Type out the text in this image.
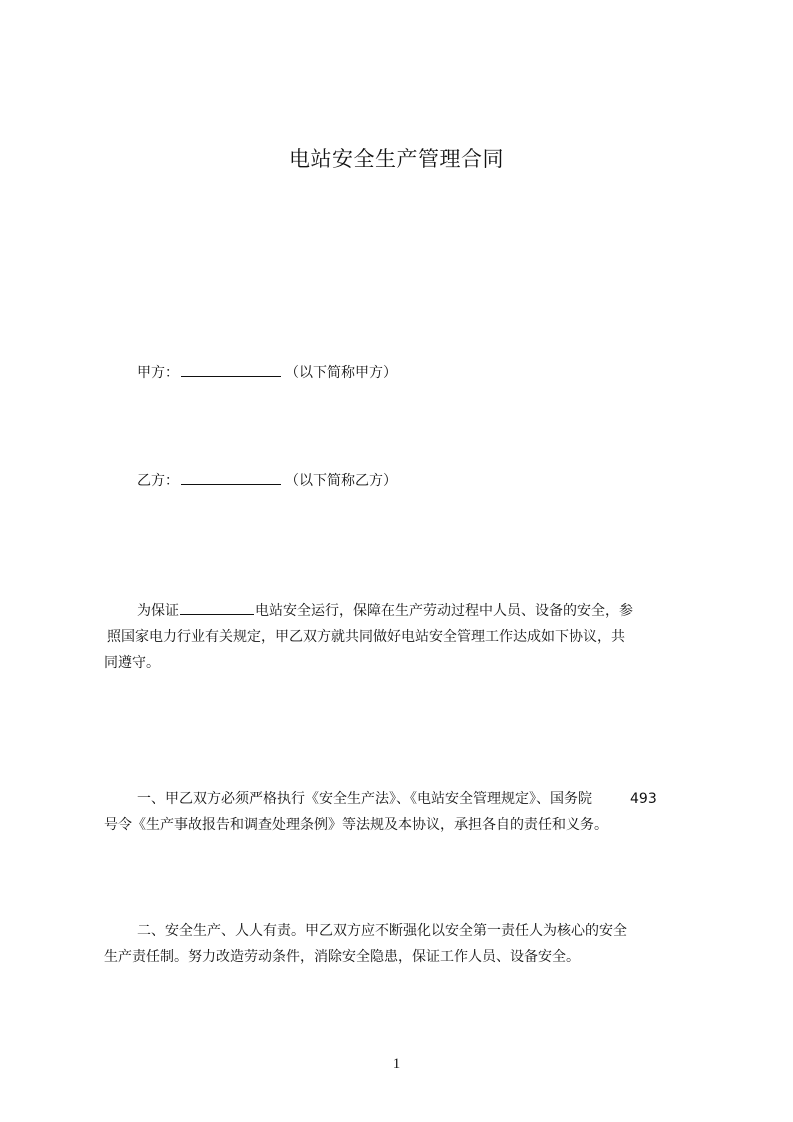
电站安全生产管理合同
甲方：	（以下简称甲方）
乙方：	（以下简称乙方）
为保证	电站安全运行，保障在生产劳动过程中人员、设备的安全，参
照国家电力行业有关规定，甲乙双方就共同做好电站安全管理工作达成如下协议，共
同遵守。
一、甲乙双方必须严格执行《安全生产法》、《电站安全管理规定》、国务院	493
号令《生产事故报告和调查处理条例》等法规及本协议，承担各自的责任和义务。
二、安全生产、人人有责。甲乙双方应不断强化以安全第一责任人为核心的安全
生产责任制。努力改造劳动条件，消除安全隐患，保证工作人员、设备安全。
1
